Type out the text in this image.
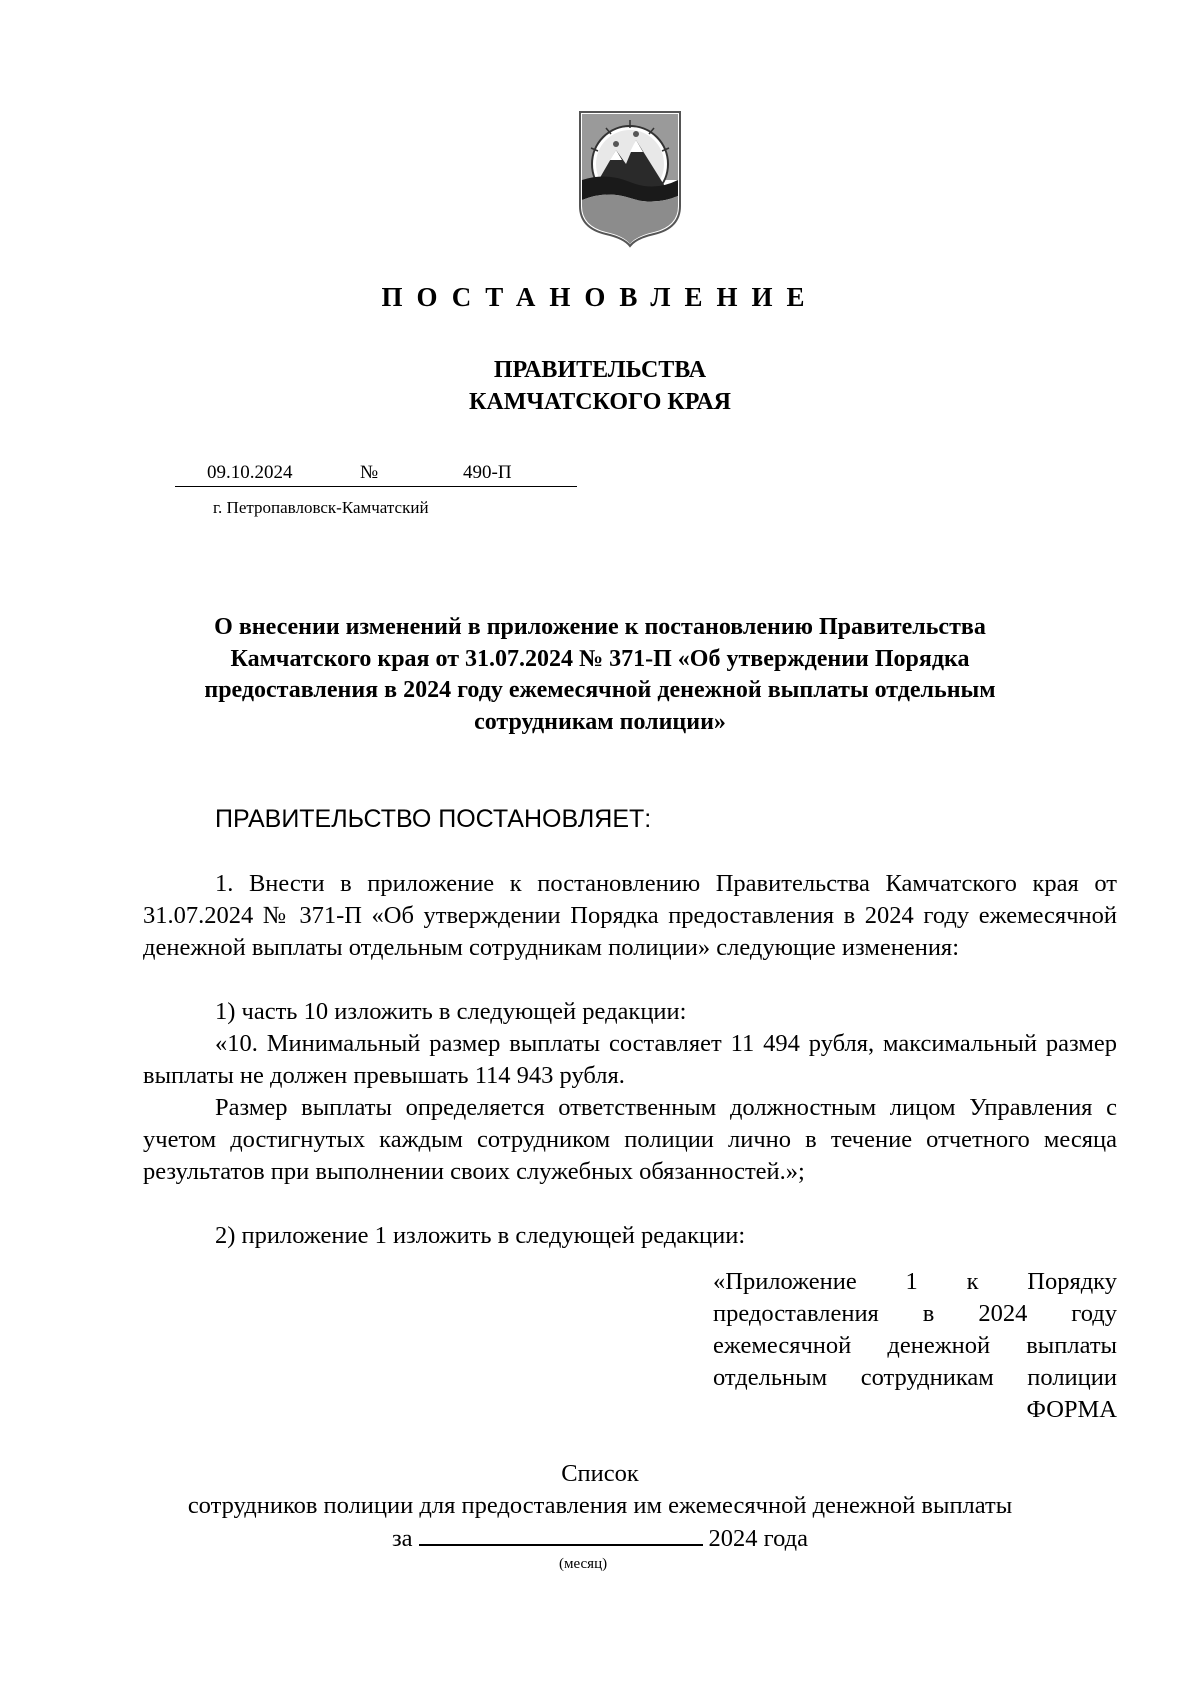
ПОСТАНОВЛЕНИЕ
ПРАВИТЕЛЬСТВА
КАМЧАТСКОГО КРАЯ
09.10.2024	№	490-П
г. Петропавловск-Камчатский
О внесении изменений в приложение к постановлению Правительства
Камчатского края от 31.07.2024 № 371-П «Об утверждении Порядка
предоставления в 2024 году ежемесячной денежной выплаты отдельным
сотрудникам полиции»
ПРАВИТЕЛЬСТВО ПОСТАНОВЛЯЕТ:

1. Внести в приложение к постановлению Правительства Камчатского края от 31.07.2024 № 371-П «Об утверждении Порядка предоставления в 2024 году ежемесячной денежной выплаты отдельным сотрудникам полиции» следующие изменения:

1) часть 10 изложить в следующей редакции:

«10. Минимальный размер выплаты составляет 11 494 рубля, максимальный размер выплаты не должен превышать 114 943 рубля.

Размер выплаты определяется ответственным должностным лицом Управления с учетом достигнутых каждым сотрудником полиции лично в течение отчетного месяца результатов при выполнении своих служебных обязанностей.»;

2) приложение 1 изложить в следующей редакции:

«Приложение 1 к Порядку
предоставления в 2024 году
ежемесячной денежной выплаты
отдельным сотрудникам полиции
ФОРМА
Список
сотрудников полиции для предоставления им ежемесячной денежной выплаты
за	2024 года
(месяц)
